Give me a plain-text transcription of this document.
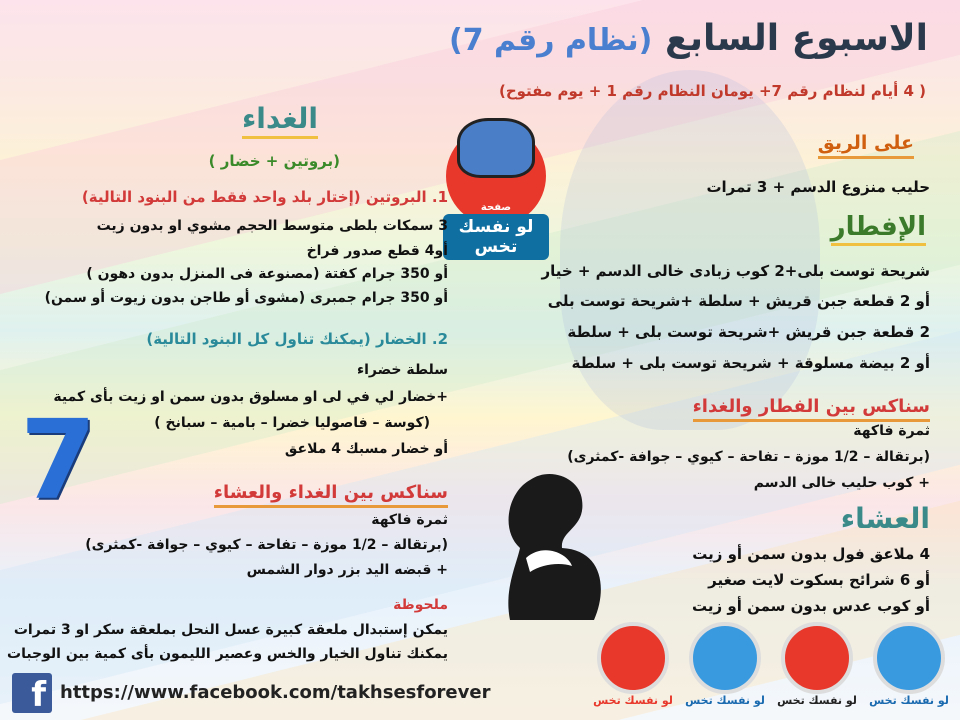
الاسبوع السابع (نظام رقم 7)
( 4 أيام لنظام رقم 7+ يومان النظام رقم 1 + يوم مفتوح)
صفحة
لو نفسك تخس
على الريق
حليب منزوع الدسم + 3 تمرات
الإفطار
شريحة توست بلى+2 كوب زبادى خالى الدسم + خيار
أو 2 قطعة جبن قريش + سلطة +شريحة توست بلى
2 قطعة جبن قريش +شريحة توست بلى + سلطة
أو 2 بيضة مسلوقة + شريحة توست بلى + سلطة
سناكس بين الفطار والغداء
ثمرة فاكهة
(برتقالة – 1/2 موزة – تفاحة – كيوي – جوافة -كمثرى)
+ كوب حليب خالى الدسم
العشاء
4 ملاعق فول بدون سمن أو زيت
أو 6 شرائح بسكوت لايت صغير
أو كوب عدس بدون سمن أو زيت
الغداء
(بروتين + خضار )
1. البروتين (إختار بلد واحد فقط من البنود التالية)
3 سمكات بلطى متوسط الحجم مشوي او بدون زيت
أو4 قطع صدور فراخ
أو 350 جرام كفتة (مصنوعة فى المنزل بدون دهون )
أو 350 جرام جمبرى (مشوى أو طاجن بدون زيوت أو سمن)
2. الخضار (يمكنك تناول كل البنود التالية)
سلطة خضراء
+خضار لي في لى او مسلوق بدون سمن او زيت بأى كمية
(كوسة – فاصوليا خضرا – بامية – سبانخ )
أو خضار مسبك 4 ملاعق
7	سناكس بين الغداء والعشاء
ثمرة فاكهة
(برتقالة – 1/2 موزة – تفاحة – كيوي – جوافة -كمثرى)
+ قبضه اليد بزر دوار الشمس
ملحوظة
يمكن إستبدال ملعقة كبيرة عسل النحل بملعقة سكر او 3 تمرات
يمكنك تناول الخيار والخس وعصير الليمون بأى كمية بين الوجبات
f https://www.facebook.com/takhsesforever	لو نفسك تخس لو نفسك تخس لو نفسك تخس لو نفسك تخس
